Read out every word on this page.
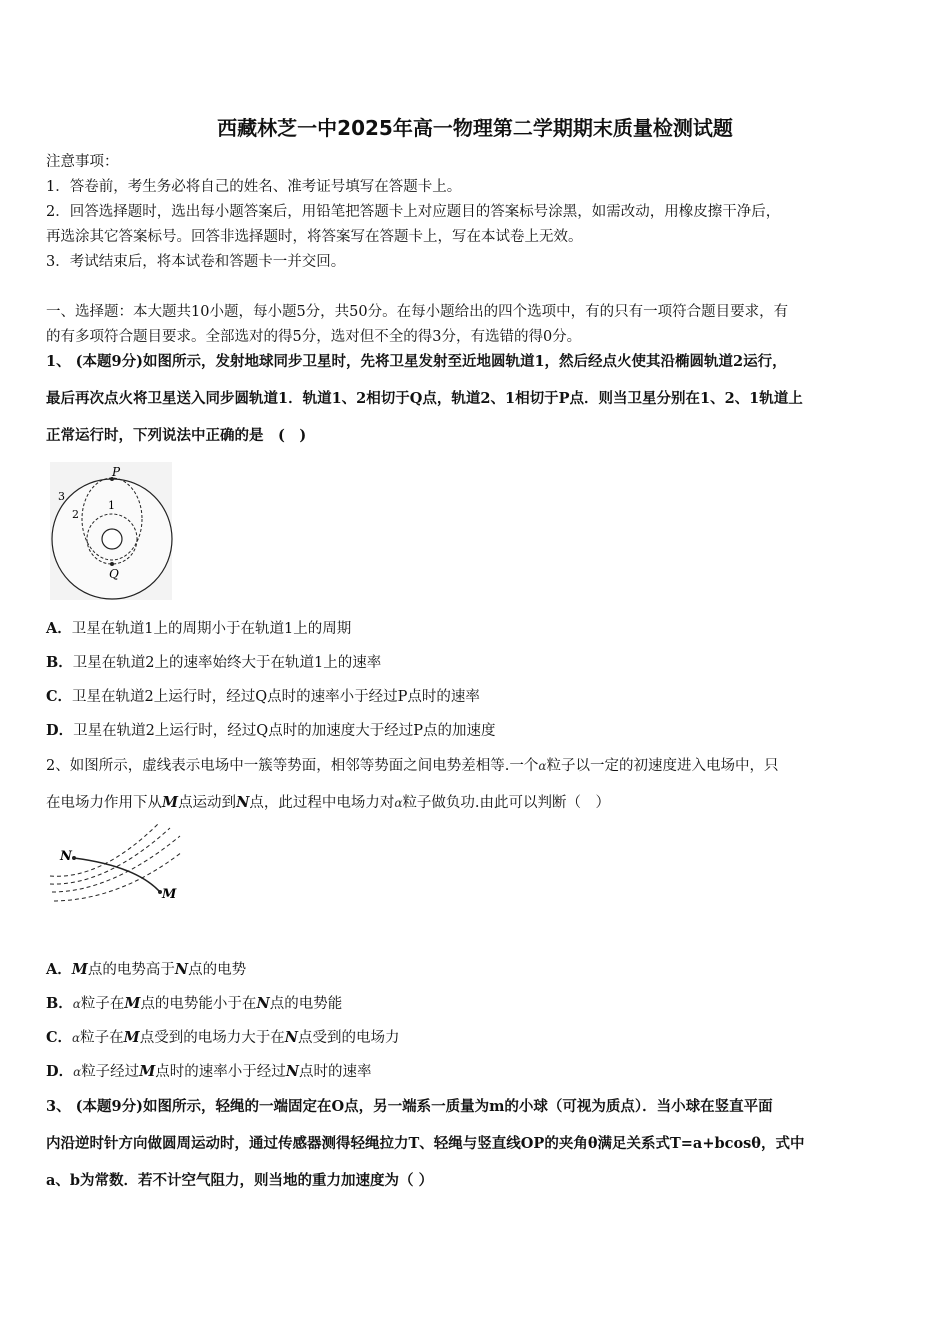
西藏林芝一中2025年高一物理第二学期期末质量检测试题
注意事项：
1．答卷前，考生务必将自己的姓名、准考证号填写在答题卡上。
2．回答选择题时，选出每小题答案后，用铅笔把答题卡上对应题目的答案标号涂黑，如需改动，用橡皮擦干净后，
再选涂其它答案标号。回答非选择题时，将答案写在答题卡上，写在本试卷上无效。
3．考试结束后，将本试卷和答题卡一并交回。
一、选择题：本大题共10小题，每小题5分，共50分。在每小题给出的四个选项中，有的只有一项符合题目要求，有
的有多项符合题目要求。全部选对的得5分，选对但不全的得3分，有选错的得0分。
1、 (本题9分)如图所示，发射地球同步卫星时，先将卫星发射至近地圆轨道1，然后经点火使其沿椭圆轨道2运行，
最后再次点火将卫星送入同步圆轨道1．轨道1、2相切于Q点，轨道2、1相切于P点．则当卫星分别在1、2、1轨道上
正常运行时，下列说法中正确的是　(　)
P
Q
1
2
3
A．卫星在轨道1上的周期小于在轨道1上的周期
B．卫星在轨道2上的速率始终大于在轨道1上的速率
C．卫星在轨道2上运行时，经过Q点时的速率小于经过P点时的速率
D．卫星在轨道2上运行时，经过Q点时的加速度大于经过P点的加速度
2、如图所示，虚线表示电场中一簇等势面，相邻等势面之间电势差相等.一个α粒子以一定的初速度进入电场中，只
在电场力作用下从M点运动到N点，此过程中电场力对α粒子做负功.由此可以判断（　）
N
M
A．M点的电势高于N点的电势
B．α粒子在M点的电势能小于在N点的电势能
C．α粒子在M点受到的电场力大于在N点受到的电场力
D．α粒子经过M点时的速率小于经过N点时的速率
3、 (本题9分)如图所示，轻绳的一端固定在O点，另一端系一质量为m的小球（可视为质点）．当小球在竖直平面
内沿逆时针方向做圆周运动时，通过传感器测得轻绳拉力T、轻绳与竖直线OP的夹角θ满足关系式T=a+bcosθ，式中
a、b为常数．若不计空气阻力，则当地的重力加速度为（ ）
